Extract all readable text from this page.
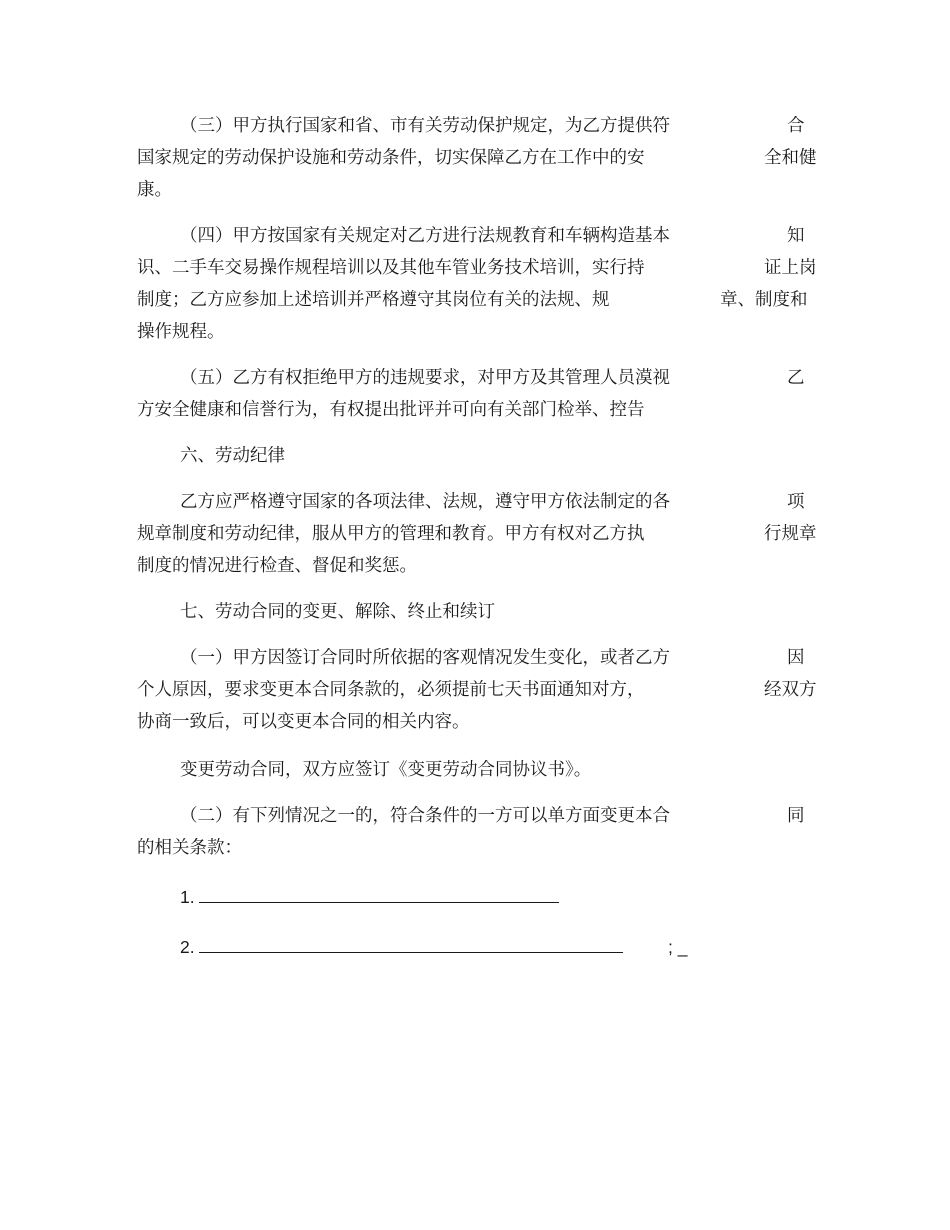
（三）甲方执行国家和省、市有关劳动保护规定，为乙方提供符	合
国家规定的劳动保护设施和劳动条件，切实保障乙方在工作中的安	全和健
康。
（四）甲方按国家有关规定对乙方进行法规教育和车辆构造基本	知
识、二手车交易操作规程培训以及其他车管业务技术培训，实行持	证上岗
制度；乙方应参加上述培训并严格遵守其岗位有关的法规、规	章、制度和
操作规程。
（五）乙方有权拒绝甲方的违规要求，对甲方及其管理人员漠视	乙
方安全健康和信誉行为，有权提出批评并可向有关部门检举、控告
六、劳动纪律
乙方应严格遵守国家的各项法律、法规，遵守甲方依法制定的各	项
规章制度和劳动纪律，服从甲方的管理和教育。甲方有权对乙方执	行规章
制度的情况进行检查、督促和奖惩。
七、劳动合同的变更、解除、终止和续订
（一）甲方因签订合同时所依据的客观情况发生变化，或者乙方	因
个人原因，要求变更本合同条款的，必须提前七天书面通知对方，	经双方
协商一致后，可以变更本合同的相关内容。
变更劳动合同，双方应签订《变更劳动合同协议书》。
（二）有下列情况之一的，符合条件的一方可以单方面变更本合	同
的相关条款：
1.
2.	; _
